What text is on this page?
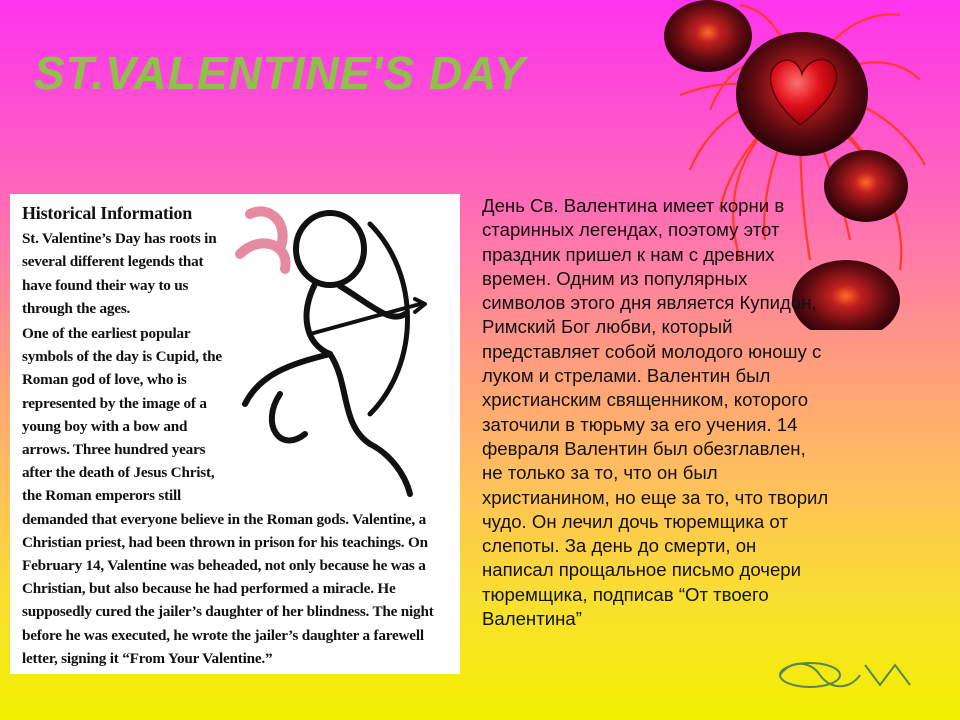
ST.VALENTINE'S DAY
Historical Information

St. Valentine’s Day has roots in several different legends that have found their way to us through the ages.

One of the earliest popular symbols of the day is Cupid, the Roman god of love, who is represented by the image of a young boy with a bow and arrows. Three hundred years after the death of Jesus Christ, the Roman emperors still

demanded that everyone believe in the Roman gods. Valentine, a Christian priest, had been thrown in prison for his teachings. On February 14, Valentine was beheaded, not only because he was a Christian, but also because he had performed a miracle. He supposedly cured the jailer’s daughter of her blindness. The night before he was executed, he wrote the jailer’s daughter a farewell letter, signing it “From Your Valentine.”

День Св. Валентина имеет корни в
старинных легендах, поэтому этот
праздник пришел к нам с древних
времен. Одним из популярных
символов этого дня является Купидон,
Римский Бог любви, который
представляет собой молодого юношу с
луком и стрелами. Валентин был
христианским священником, которого
заточили в тюрьму за его учения. 14
февраля Валентин был обезглавлен,
не только за то, что он был
христианином, но еще за то, что творил
чудо. Он лечил дочь тюремщика от
слепоты. За день до смерти, он
написал прощальное письмо дочери
тюремщика, подписав “От твоего
Валентина”
